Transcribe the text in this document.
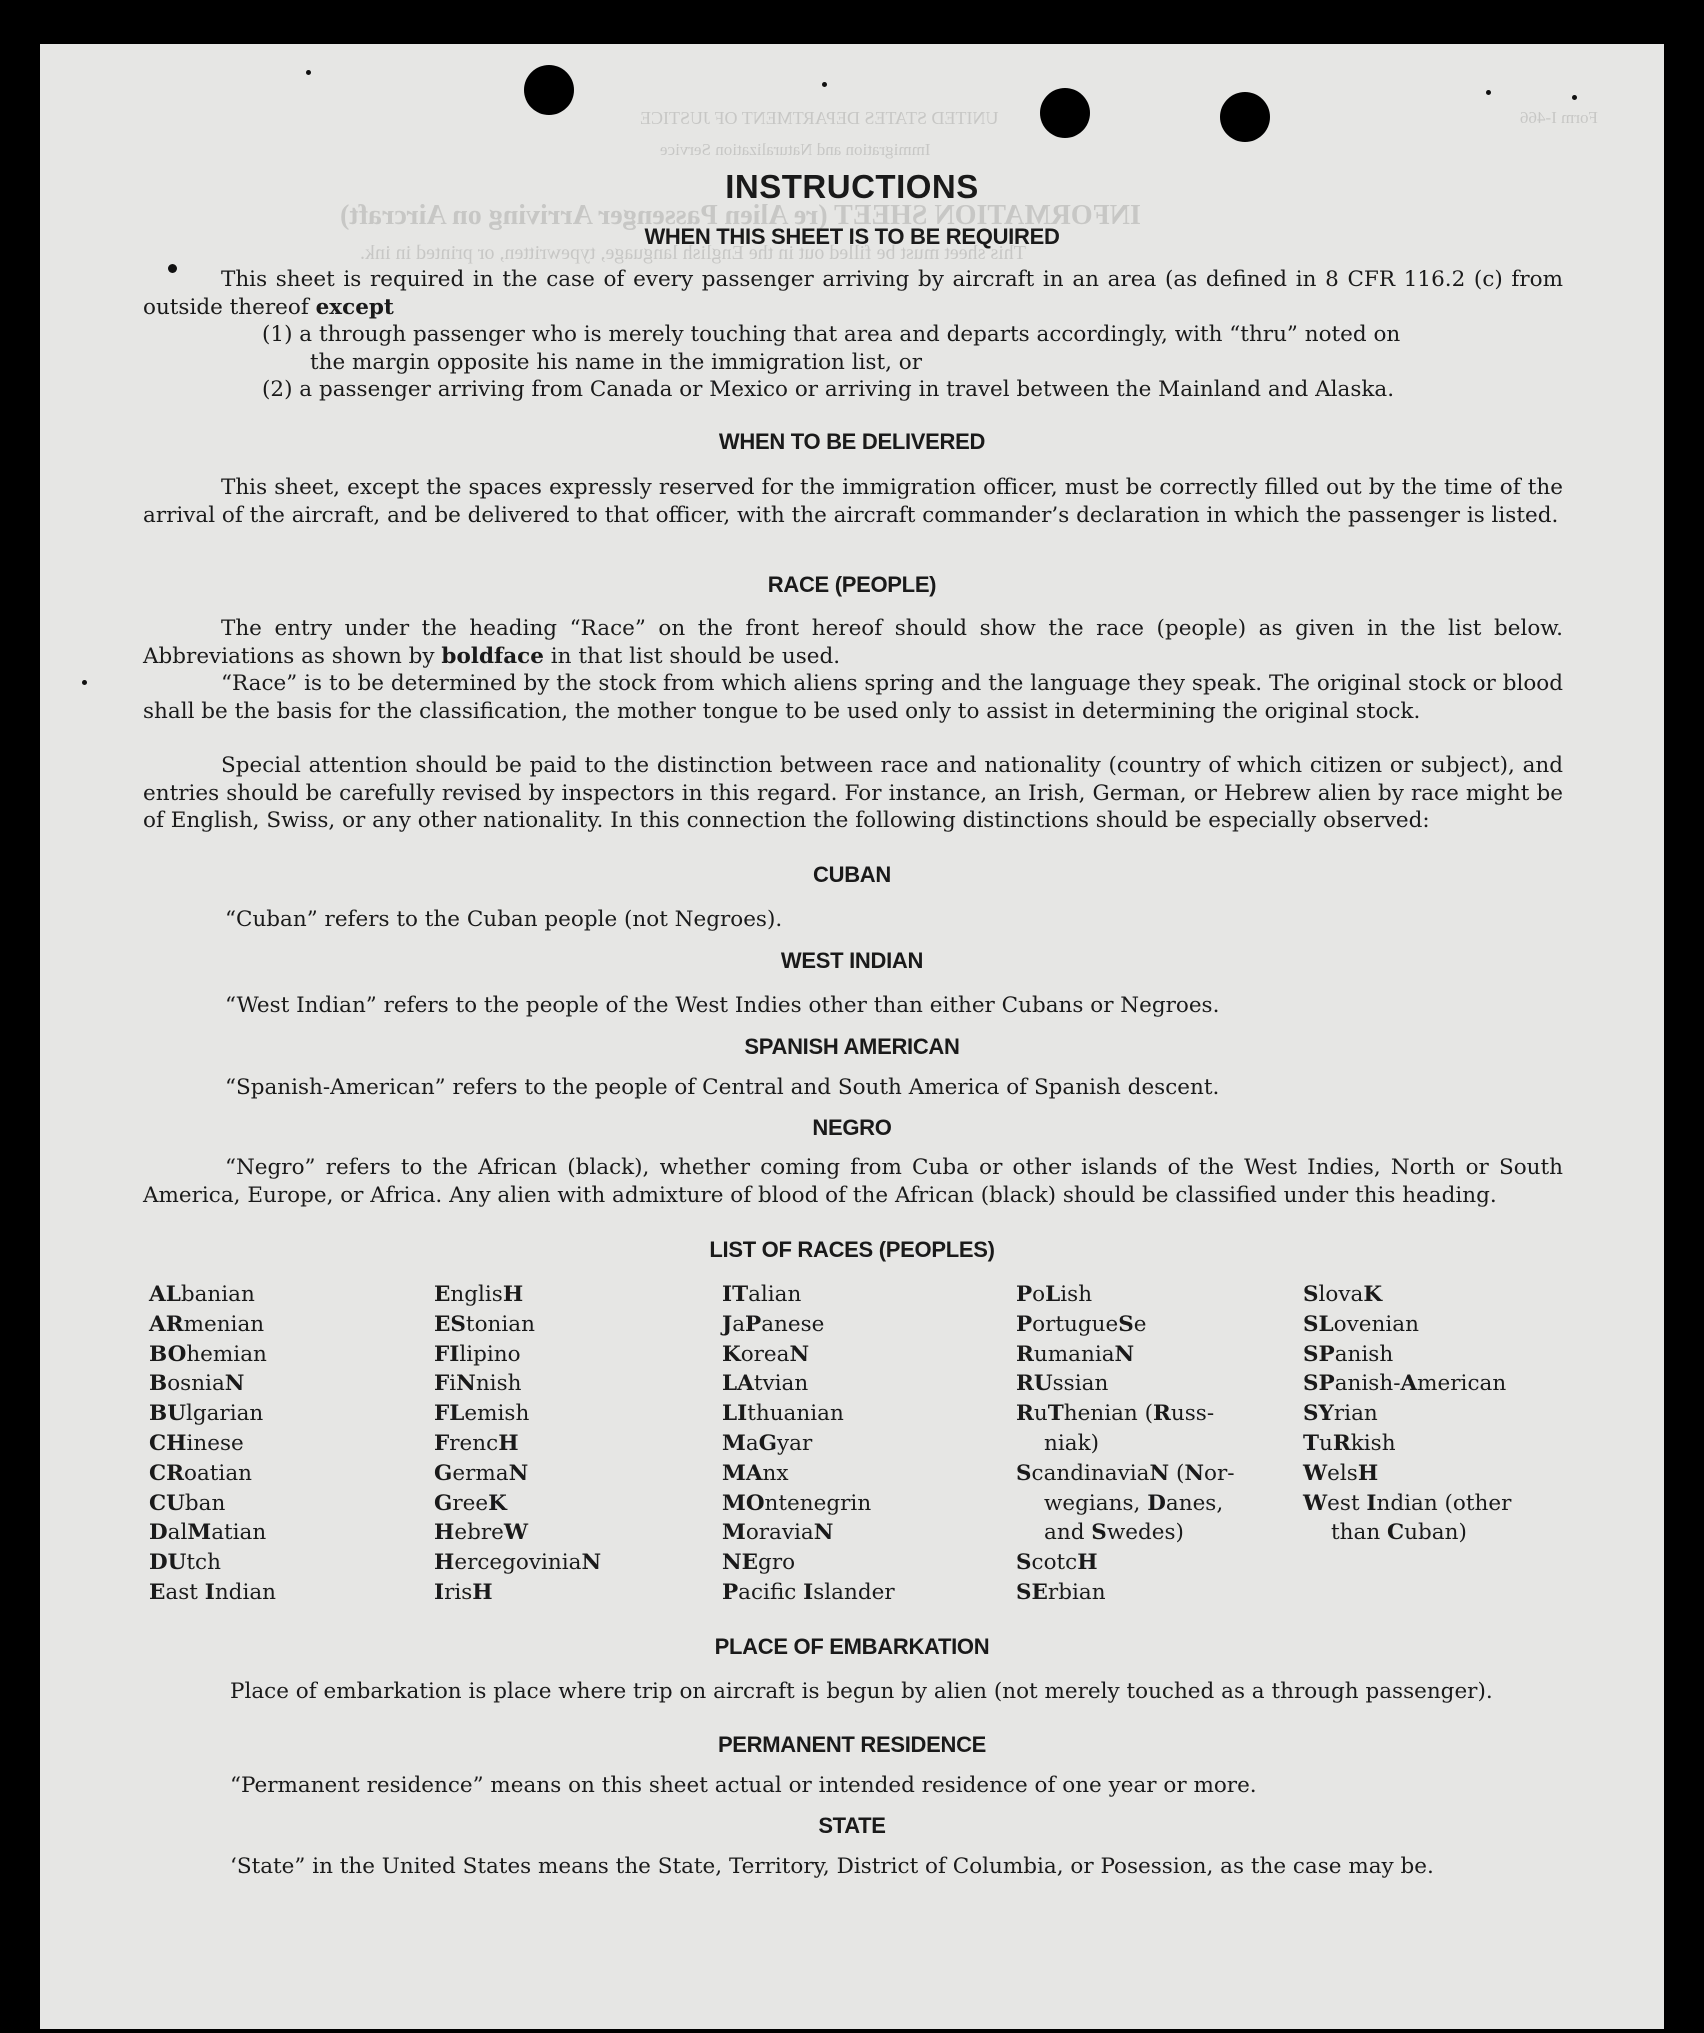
Form I-466
UNITED STATES DEPARTMENT OF JUSTICE
Immigration and Naturalization Service
INFORMATION SHEET (re Alien Passenger Arriving on Aircraft)
This sheet must be filled out in the English language, typewritten, or printed in ink.
INSTRUCTIONS
WHEN THIS SHEET IS TO BE REQUIRED
This sheet is required in the case of every passenger arriving by aircraft in an area (as defined in 8 CFR 116.2 (c) from outside thereof except
(1) a through passenger who is merely touching that area and departs accordingly, with “thru” noted on
the margin opposite his name in the immigration list, or
(2) a passenger arriving from Canada or Mexico or arriving in travel between the Mainland and Alaska.
WHEN TO BE DELIVERED
This sheet, except the spaces expressly reserved for the immigration officer, must be correctly filled out by the time of the arrival of the aircraft, and be delivered to that officer, with the aircraft commander’s declaration in which the passenger is listed.
RACE (PEOPLE)
The entry under the heading “Race” on the front hereof should show the race (people) as given in the list below. Abbreviations as shown by boldface in that list should be used.
“Race” is to be determined by the stock from which aliens spring and the language they speak. The original stock or blood shall be the basis for the classification, the mother tongue to be used only to assist in determining the original stock.
Special attention should be paid to the distinction between race and nationality (country of which citizen or subject), and entries should be carefully revised by inspectors in this regard. For instance, an Irish, German, or Hebrew alien by race might be of English, Swiss, or any other nationality. In this connection the following distinctions should be especially observed:
CUBAN
“Cuban” refers to the Cuban people (not Negroes).
WEST INDIAN
“West Indian” refers to the people of the West Indies other than either Cubans or Negroes.
SPANISH AMERICAN
“Spanish-American” refers to the people of Central and South America of Spanish descent.
NEGRO
“Negro” refers to the African (black), whether coming from Cuba or other islands of the West Indies, North or South America, Europe, or Africa. Any alien with admixture of blood of the African (black) should be classified under this heading.
LIST OF RACES (PEOPLES)
ALbanian
ARmenian
BOhemian
BosniaN
BUlgarian
CHinese
CRoatian
CUban
DalMatian
DUtch
East Indian
EnglisH
EStonian
FIlipino
FiNnish
FLemish
FrencH
GermaN
GreeK
HebreW
HercegoviniaN
IrisH
ITalian
JaPanese
KoreaN
LAtvian
LIthuanian
MaGyar
MAnx
MOntenegrin
MoraviaN
NEgro
Pacifc Islander
PoLish
PortugueSe
RumaniaN
RUssian
RuThenian (Russ-
niak)
ScandinaviaN (Nor-
wegians, Danes,
and Swedes)
ScotcH
SErbian
SlovaK
SLovenian
SPanish
SPanish-American
SYrian
TuRkish
WelsH
West Indian (other
than Cuban)
PLACE OF EMBARKATION
Place of embarkation is place where trip on aircraft is begun by alien (not merely touched as a through passenger).
PERMANENT RESIDENCE
“Permanent residence” means on this sheet actual or intended residence of one year or more.
STATE
‘State” in the United States means the State, Territory, District of Columbia, or Posession, as the case may be.
